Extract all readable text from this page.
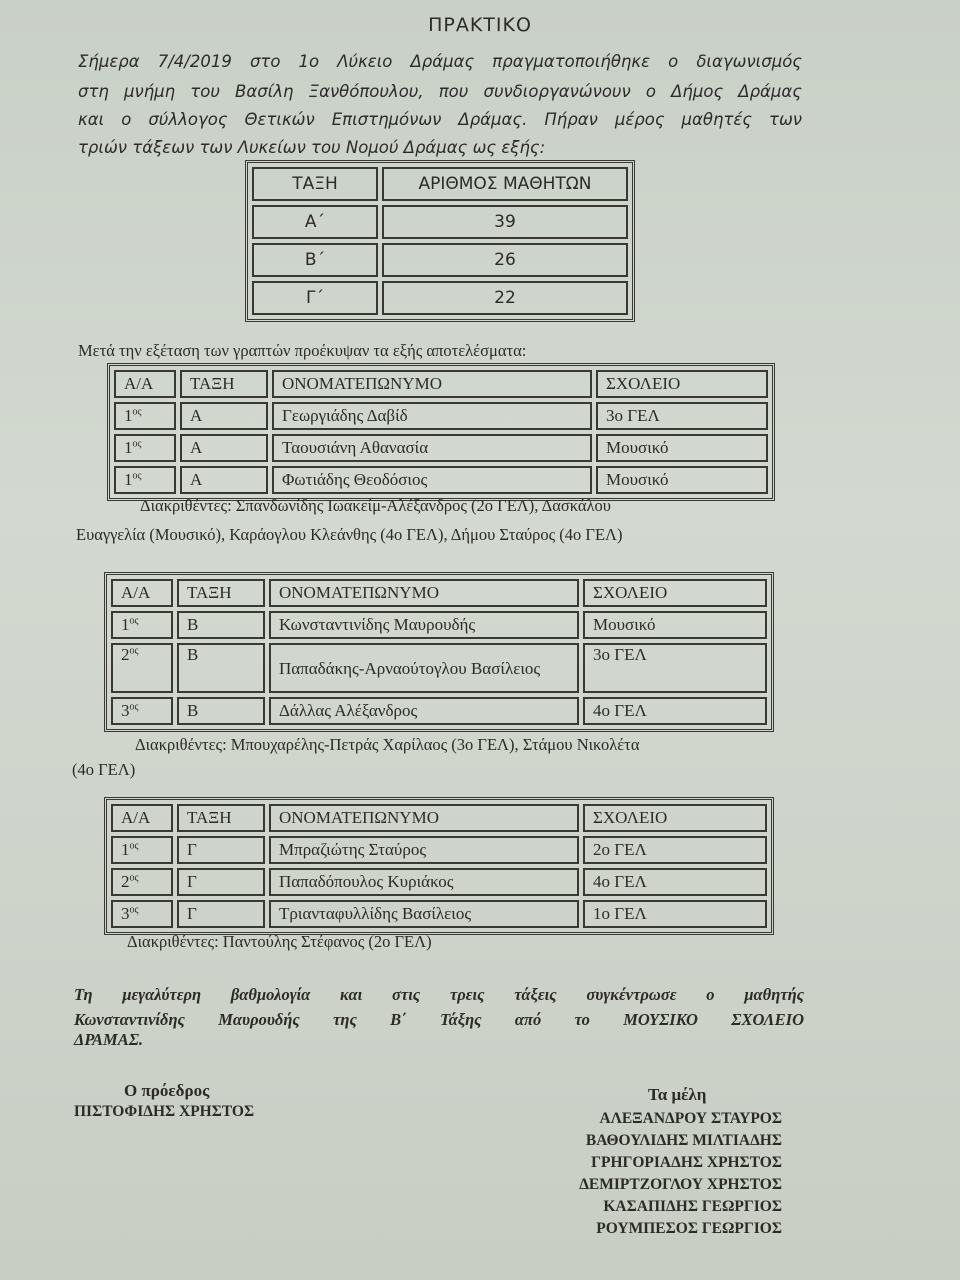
ΠΡΑΚΤΙΚΟ
Σήμερα 7/4/2019 στο 1ο Λύκειο Δράμας πραγματοποιήθηκε ο διαγωνισμός
στη μνήμη του Βασίλη Ξανθόπουλου, που συνδιοργανώνουν ο Δήμος Δράμας
και ο σύλλογος Θετικών Επιστημόνων Δράμας. Πήραν μέρος μαθητές των
τριών τάξεων των Λυκείων του Νομού Δράμας ως εξής:
ΤΑΞΗ	ΑΡΙΘΜΟΣ ΜΑΘΗΤΩΝ
Α΄	39
Β΄	26
Γ΄	22
Μετά την εξέταση των γραπτών προέκυψαν τα εξής αποτελέσματα:
Α/Α	ΤΑΞΗ	ΟΝΟΜΑΤΕΠΩΝΥΜΟ	ΣΧΟΛΕΙΟ
$1^{o\varsigma}$	Α	Γεωργιάδης Δαβίδ	3ο ΓΕΛ
$1^{o\varsigma}$	Α	Ταουσιάνη Αθανασία	Μουσικό
$1^{o\varsigma}$	Α	Φωτιάδης Θεοδόσιος	Μουσικό
Διακριθέντες: Σπανδωνίδης Ιωακείμ-Αλέξανδρος (2ο ΓΕΛ), Δασκάλου
Ευαγγελία (Μουσικό), Καράογλου Κλεάνθης (4ο ΓΕΛ), Δήμου Σταύρος (4ο ΓΕΛ)
Α/Α	ΤΑΞΗ	ΟΝΟΜΑΤΕΠΩΝΥΜΟ	ΣΧΟΛΕΙΟ
$1^{o\varsigma}$	Β	Κωνσταντινίδης Μαυρουδής	Μουσικό
$2^{o\varsigma}$	Β	Παπαδάκης-Αρναούτογλου Βασίλειος	3ο ΓΕΛ
$3^{o\varsigma}$	Β	Δάλλας Αλέξανδρος	4ο ΓΕΛ
Διακριθέντες: Μπουχαρέλης-Πετράς Χαρίλαος (3ο ΓΕΛ), Στάμου Νικολέτα
(4ο ΓΕΛ)
Α/Α	ΤΑΞΗ	ΟΝΟΜΑΤΕΠΩΝΥΜΟ	ΣΧΟΛΕΙΟ
$1^{o\varsigma}$	Γ	Μπραζιώτης Σταύρος	2ο ΓΕΛ
$2^{o\varsigma}$	Γ	Παπαδόπουλος Κυριάκος	4ο ΓΕΛ
$3^{o\varsigma}$	Γ	Τριανταφυλλίδης Βασίλειος	1ο ΓΕΛ
Διακριθέντες: Παντούλης Στέφανος (2ο ΓΕΛ)
Τη μεγαλύτερη βαθμολογία και στις τρεις τάξεις συγκέντρωσε ο μαθητής
Κωνσταντινίδης Μαυρουδής της Β΄ Τάξης από το ΜΟΥΣΙΚΟ ΣΧΟΛΕΙΟ
ΔΡΑΜΑΣ.
Ο πρόεδρος
ΠΙΣΤΟΦΙΔΗΣ ΧΡΗΣΤΟΣ
Τα μέλη
ΑΛΕΞΑΝΔΡΟΥ ΣΤΑΥΡΟΣ
ΒΑΘΟΥΛΙΔΗΣ ΜΙΛΤΙΑΔΗΣ
ΓΡΗΓΟΡΙΑΔΗΣ ΧΡΗΣΤΟΣ
ΔΕΜΙΡΤΖΟΓΛΟΥ ΧΡΗΣΤΟΣ
ΚΑΣΑΠΙΔΗΣ ΓΕΩΡΓΙΟΣ
ΡΟΥΜΠΕΣΟΣ ΓΕΩΡΓΙΟΣ
